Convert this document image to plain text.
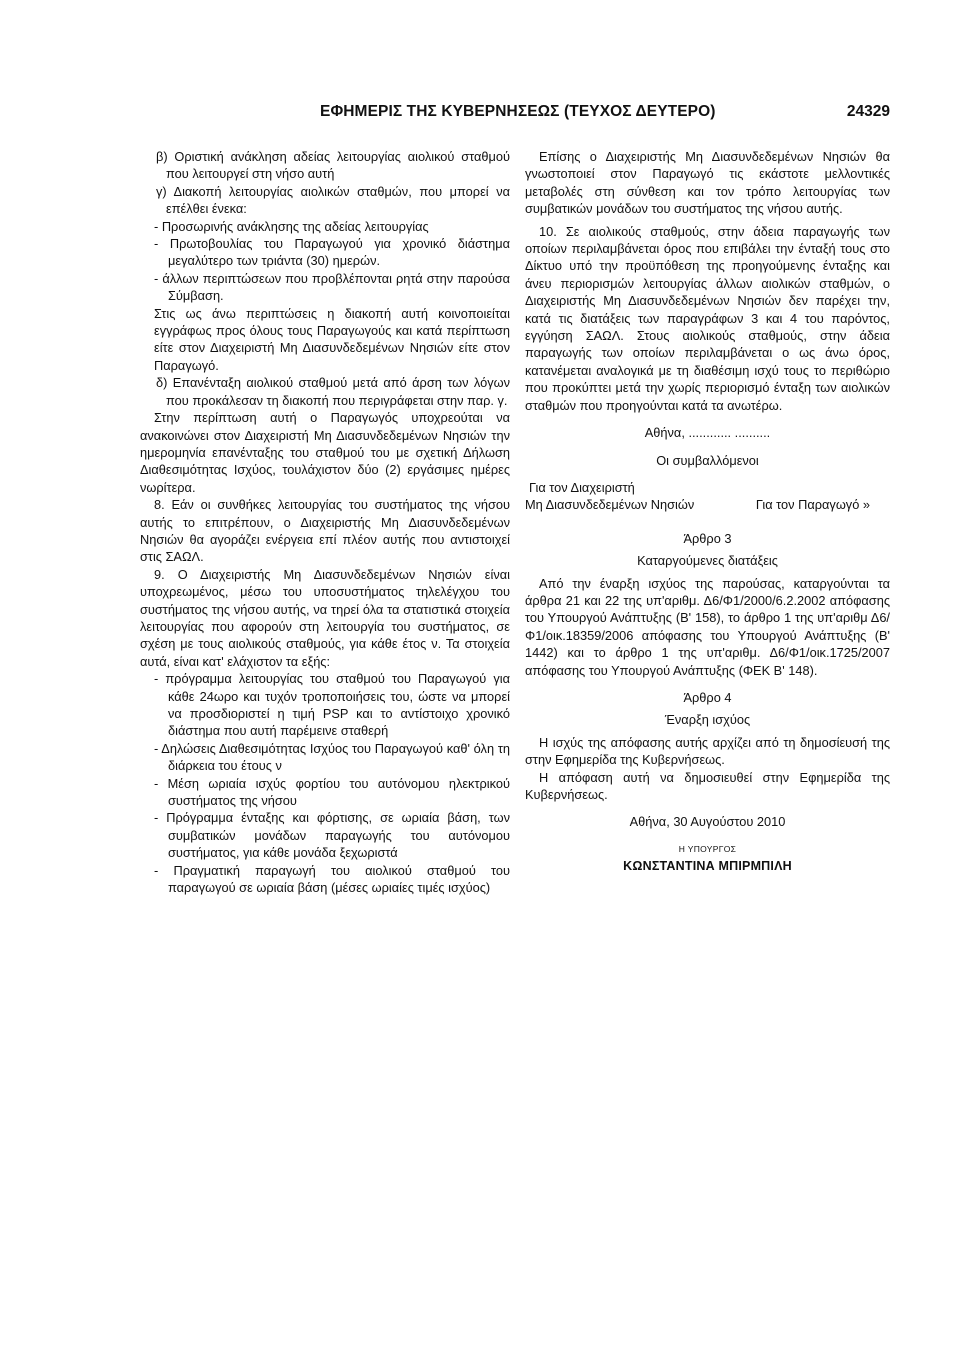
ΕΦΗΜΕΡΙΣ ΤΗΣ ΚΥΒΕΡΝΗΣΕΩΣ (ΤΕΥΧΟΣ ΔΕΥΤΕΡΟ)	24329

β) Οριστική ανάκληση αδείας λειτουργίας αιολικού σταθμού που λειτουργεί στη νήσο αυτή

γ) Διακοπή λειτουργίας αιολικών σταθμών, που μπορεί να επέλθει ένεκα:

- Προσωρινής ανάκλησης της αδείας λειτουργίας

- Πρωτοβουλίας του Παραγωγού για χρονικό διάστημα μεγαλύτερο των τριάντα (30) ημερών.

- άλλων περιπτώσεων που προβλέπονται ρητά στην παρούσα Σύμβαση.

Στις ως άνω περιπτώσεις η διακοπή αυτή κοινοποιείται εγγράφως προς όλους τους Παραγωγούς και κατά περίπτωση είτε στον Διαχειριστή Μη Διασυνδεδεμένων Νησιών είτε στον Παραγωγό.

δ) Επανένταξη αιολικού σταθμού μετά από άρση των λόγων που προκάλεσαν τη διακοπή που περιγράφεται στην παρ. γ.

Στην περίπτωση αυτή ο Παραγωγός υποχρεούται να ανακοινώνει στον Διαχειριστή Μη Διασυνδεδεμένων Νησιών την ημερομηνία επανένταξης του σταθμού του με σχετική Δήλωση Διαθεσιμότητας Ισχύος, τουλάχιστον δύο (2) εργάσιμες ημέρες νωρίτερα.

8. Εάν οι συνθήκες λειτουργίας του συστήματος της νήσου αυτής το επιτρέπουν, ο Διαχειριστής Μη Διασυνδεδεμένων Νησιών θα αγοράζει ενέργεια επί πλέον αυτής που αντιστοιχεί στις ΣΑΩΛ.

9. Ο Διαχειριστής Μη Διασυνδεδεμένων Νησιών είναι υποχρεωμένος, μέσω του υποσυστήματος τηλελέγχου του συστήματος της νήσου αυτής, να τηρεί όλα τα στατιστικά στοιχεία λειτουργίας που αφορούν στη λειτουργία του συστήματος, σε σχέση με τους αιολικούς σταθμούς, για κάθε έτος ν. Τα στοιχεία αυτά, είναι κατ' ελάχιστον τα εξής:

- πρόγραμμα λειτουργίας του σταθμού του Παραγωγού για κάθε 24ωρο και τυχόν τροποποιήσεις του, ώστε να μπορεί να προσδιοριστεί η τιμή PSP και το αντίστοιχο χρονικό διάστημα που αυτή παρέμεινε σταθερή

- Δηλώσεις Διαθεσιμότητας Ισχύος του Παραγωγού καθ' όλη τη διάρκεια του έτους ν

- Μέση ωριαία ισχύς φορτίου του αυτόνομου ηλεκτρικού συστήματος της νήσου

- Πρόγραμμα ένταξης και φόρτισης, σε ωριαία βάση, των συμβατικών μονάδων παραγωγής του αυτόνομου συστήματος, για κάθε μονάδα ξεχωριστά

- Πραγματική παραγωγή του αιολικού σταθμού του παραγωγού σε ωριαία βάση (μέσες ωριαίες τιμές ισχύος)

Επίσης ο Διαχειριστής Μη Διασυνδεδεμένων Νησιών θα γνωστοποιεί στον Παραγωγό τις εκάστοτε μελλοντικές μεταβολές στη σύνθεση και τον τρόπο λειτουργίας των συμβατικών μονάδων του συστήματος της νήσου αυτής.

10. Σε αιολικούς σταθμούς, στην άδεια παραγωγής των οποίων περιλαμβάνεται όρος που επιβάλει την ένταξή τους στο Δίκτυο υπό την προϋπόθεση της προηγούμενης ένταξης και άνευ περιορισμών λειτουργίας άλλων αιολικών σταθμών, ο Διαχειριστής Μη Διασυνδεδεμένων Νησιών δεν παρέχει την, κατά τις διατάξεις των παραγράφων 3 και 4 του παρόντος, εγγύηση ΣΑΩΛ. Στους αιολικούς σταθμούς, στην άδεια παραγωγής των οποίων περιλαμβάνεται ο ως άνω όρος, κατανέμεται αναλογικά με τη διαθέσιμη ισχύ τους το περιθώριο που προκύπτει μετά την χωρίς περιορισμό ένταξη των αιολικών σταθμών που προηγούνται κατά τα ανωτέρω.

Αθήνα, ............ ..........

Οι συμβαλλόμενοι

Για τον Διαχειριστή

Μη Διασυνδεδεμένων Νησιών	Για τον Παραγωγό »

Άρθρο 3

Καταργούμενες διατάξεις

Από την έναρξη ισχύος της παρούσας, καταργούνται τα άρθρα 21 και 22 της υπ'αριθμ. Δ6/Φ1/2000/6.2.2002 απόφασης του Υπουργού Ανάπτυξης (Β' 158), το άρθρο 1 της υπ'αριθμ Δ6/Φ1/οικ.18359/2006 απόφασης του Υπουργού Ανάπτυξης (Β' 1442) και το άρθρο 1 της υπ'αριθμ. Δ6/Φ1/οικ.1725/2007 απόφασης του Υπουργού Ανάπτυξης (ΦΕΚ Β' 148).

Άρθρο 4

Έναρξη ισχύος

Η ισχύς της απόφασης αυτής αρχίζει από τη δημοσίευσή της στην Εφημερίδα της Κυβερνήσεως.

Η απόφαση αυτή να δημοσιευθεί στην Εφημερίδα της Κυβερνήσεως.

Αθήνα, 30 Αυγούστου 2010

Η ΥΠΟΥΡΓΟΣ

ΚΩΝΣΤΑΝΤΙΝΑ ΜΠΙΡΜΠΙΛΗ
